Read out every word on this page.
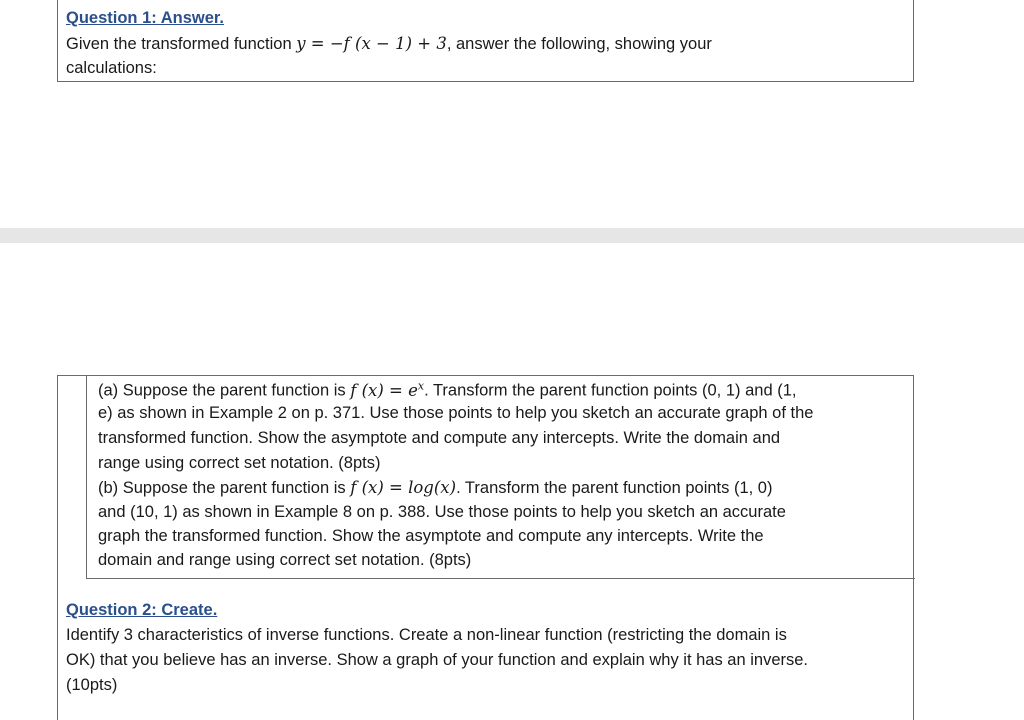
Question 1: Answer.
Given the transformed function y = −f (x − 1) + 3, answer the following, showing your
calculations:
(a) Suppose the parent function is f $(x) = e^x$. Transform the parent function points (0, 1) and (1,
e) as shown in Example 2 on p. 371. Use those points to help you sketch an accurate graph of the
transformed function. Show the asymptote and compute any intercepts. Write the domain and
range using correct set notation. (8pts)
(b) Suppose the parent function is f (x) = log(x). Transform the parent function points (1, 0)
and (10, 1) as shown in Example 8 on p. 388. Use those points to help you sketch an accurate
graph the transformed function. Show the asymptote and compute any intercepts. Write the
domain and range using correct set notation. (8pts)
Question 2: Create.
Identify 3 characteristics of inverse functions. Create a non-linear function (restricting the domain is
OK) that you believe has an inverse. Show a graph of your function and explain why it has an inverse.
(10pts)
